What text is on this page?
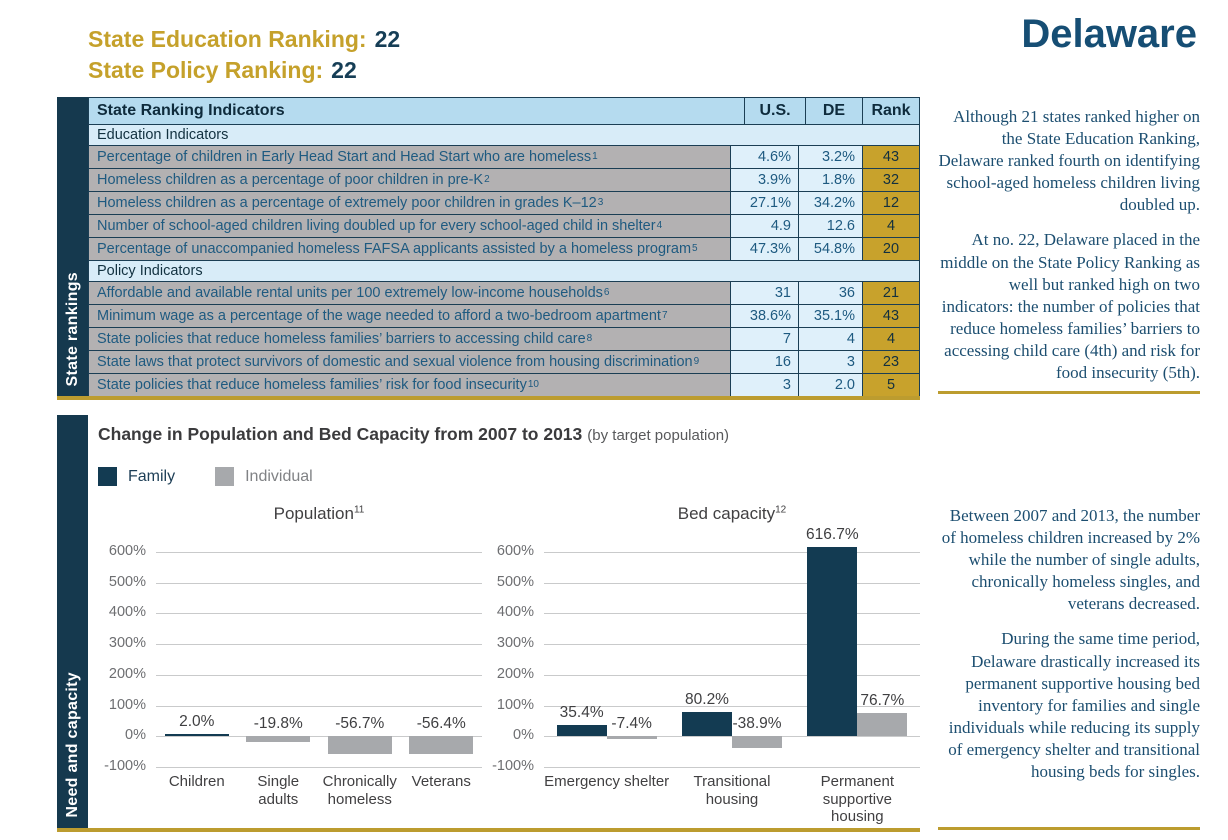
State Education Ranking: 22
State Policy Ranking: 22
Delaware
State rankings
State Ranking Indicators	U.S.	DE	Rank
Education Indicators
Percentage of children in Early Head Start and Head Start who are homeless 1	4.6%	3.2%	43
Homeless children as a percentage of poor children in pre-K 2	3.9%	1.8%	32
Homeless children as a percentage of extremely poor children in grades K–12 3	27.1%	34.2%	12
Number of school-aged children living doubled up for every school-aged child in shelter 4	4.9	12.6	4
Percentage of unaccompanied homeless FAFSA applicants assisted by a homeless program 5	47.3%	54.8%	20
Policy Indicators
Affordable and available rental units per 100 extremely low-income households 6	31	36	21
Minimum wage as a percentage of the wage needed to afford a two-bedroom apartment 7	38.6%	35.1%	43
State policies that reduce homeless families’ barriers to accessing child care 8	7	4	4
State laws that protect survivors of domestic and sexual violence from housing discrimination 9	16	3	23
State policies that reduce homeless families’ risk for food insecurity 10	3	2.0	5

Although 21 states ranked higher on the State Education Ranking, Delaware ranked fourth on identifying school-aged homeless children living doubled up.

At no. 22, Delaware placed in the middle on the State Policy Ranking as well but ranked high on two indicators: the number of policies that reduce homeless families’ barriers to accessing child care (4th) and risk for food insecurity (5th).

Need and capacity
Change in Population and Bed Capacity from 2007 to 2013 (by target population)
Family	Individual
Population$^{11}$
600%
500%
400%
300%
200%
100%
0%
-100%
2.0%	-19.8%	-56.7%	-56.4%
Children	Single adults
Chronically homeless
Veterans
Bed capacity$^{12}$
600%
500%
400%
300%
200%
100%
0%
-100%
35.4%
-7.4%
80.2%
-38.9%
616.7%
76.7%
Emergency shelter	Transitional housing
Permanent supportive housing

Between 2007 and 2013, the number of homeless children increased by 2% while the number of single adults, chronically homeless singles, and veterans decreased.

During the same time period, Delaware drastically increased its permanent supportive housing bed inventory for families and single individuals while reducing its supply of emergency shelter and transitional housing beds for singles.
